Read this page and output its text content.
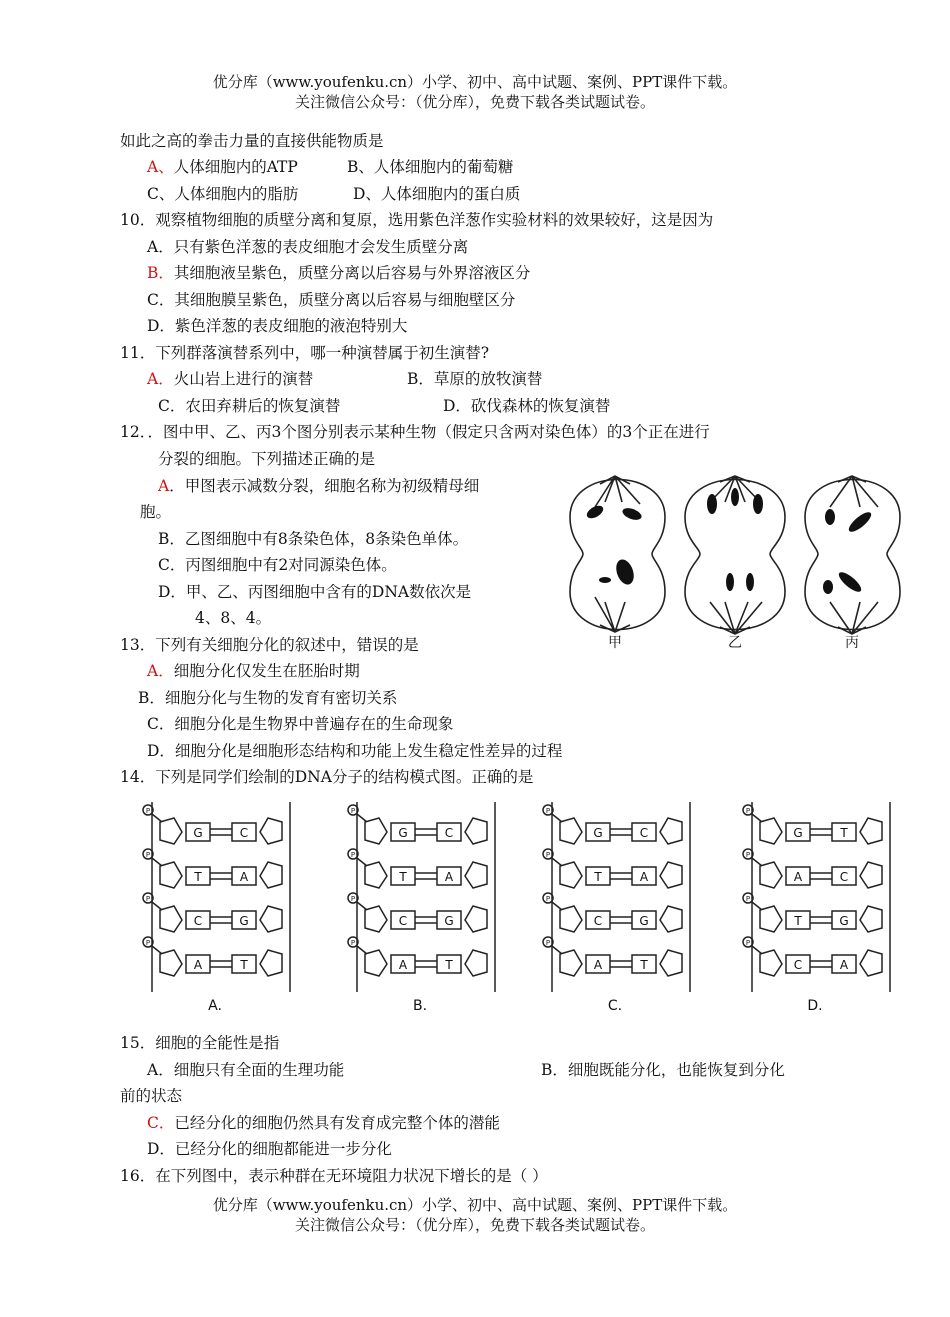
优分库（www.youfenku.cn）小学、初中、高中试题、案例、PPT课件下载。
关注微信公众号：（优分库），免费下载各类试题试卷。
如此之高的拳击力量的直接供能物质是
A、人体细胞内的ATP	B、人体细胞内的葡萄糖
C、人体细胞内的脂肪	D、人体细胞内的蛋白质
10．观察植物细胞的质壁分离和复原，选用紫色洋葱作实验材料的效果较好，这是因为
A．只有紫色洋葱的表皮细胞才会发生质壁分离
B．其细胞液呈紫色，质壁分离以后容易与外界溶液区分
C．其细胞膜呈紫色，质壁分离以后容易与细胞壁区分
D．紫色洋葱的表皮细胞的液泡特别大
11．下列群落演替系列中，哪一种演替属于初生演替?
A．火山岩上进行的演替	B．草原的放牧演替
C．农田弃耕后的恢复演替	D．砍伐森林的恢复演替
12．．图中甲、乙、丙3个图分别表示某种生物（假定只含两对染色体）的3个正在进行
分裂的细胞。下列描述正确的是
A．甲图表示减数分裂，细胞名称为初级精母细
胞。
B．乙图细胞中有8条染色体，8条染色单体。
C．丙图细胞中有2对同源染色体。
D．甲、乙、丙图细胞中含有的DNA数依次是
4、8、4。
甲	乙	丙
13．下列有关细胞分化的叙述中，错误的是
A．细胞分化仅发生在胚胎时期
B．细胞分化与生物的发育有密切关系
C．细胞分化是生物界中普遍存在的生命现象
D．细胞分化是细胞形态结构和功能上发生稳定性差异的过程
14．下列是同学们绘制的DNA分子的结构模式图。正确的是
P
G	C
P
T	A
P
C	G
P
A	T
A.
P
G	C
P
T	A
P
C	G
P
A	T
B.
P
G	C
P
T	A
P
C	G
P
A	T
C.
P
G	T
P
A	C
P
T	G
P
C	A
D.
15．细胞的全能性是指
A．细胞只有全面的生理功能	B．细胞既能分化，也能恢复到分化
前的状态
C．已经分化的细胞仍然具有发育成完整个体的潜能
D．已经分化的细胞都能进一步分化
16．在下列图中，表示种群在无环境阻力状况下增长的是（ ）
优分库（www.youfenku.cn）小学、初中、高中试题、案例、PPT课件下载。
关注微信公众号：（优分库），免费下载各类试题试卷。
